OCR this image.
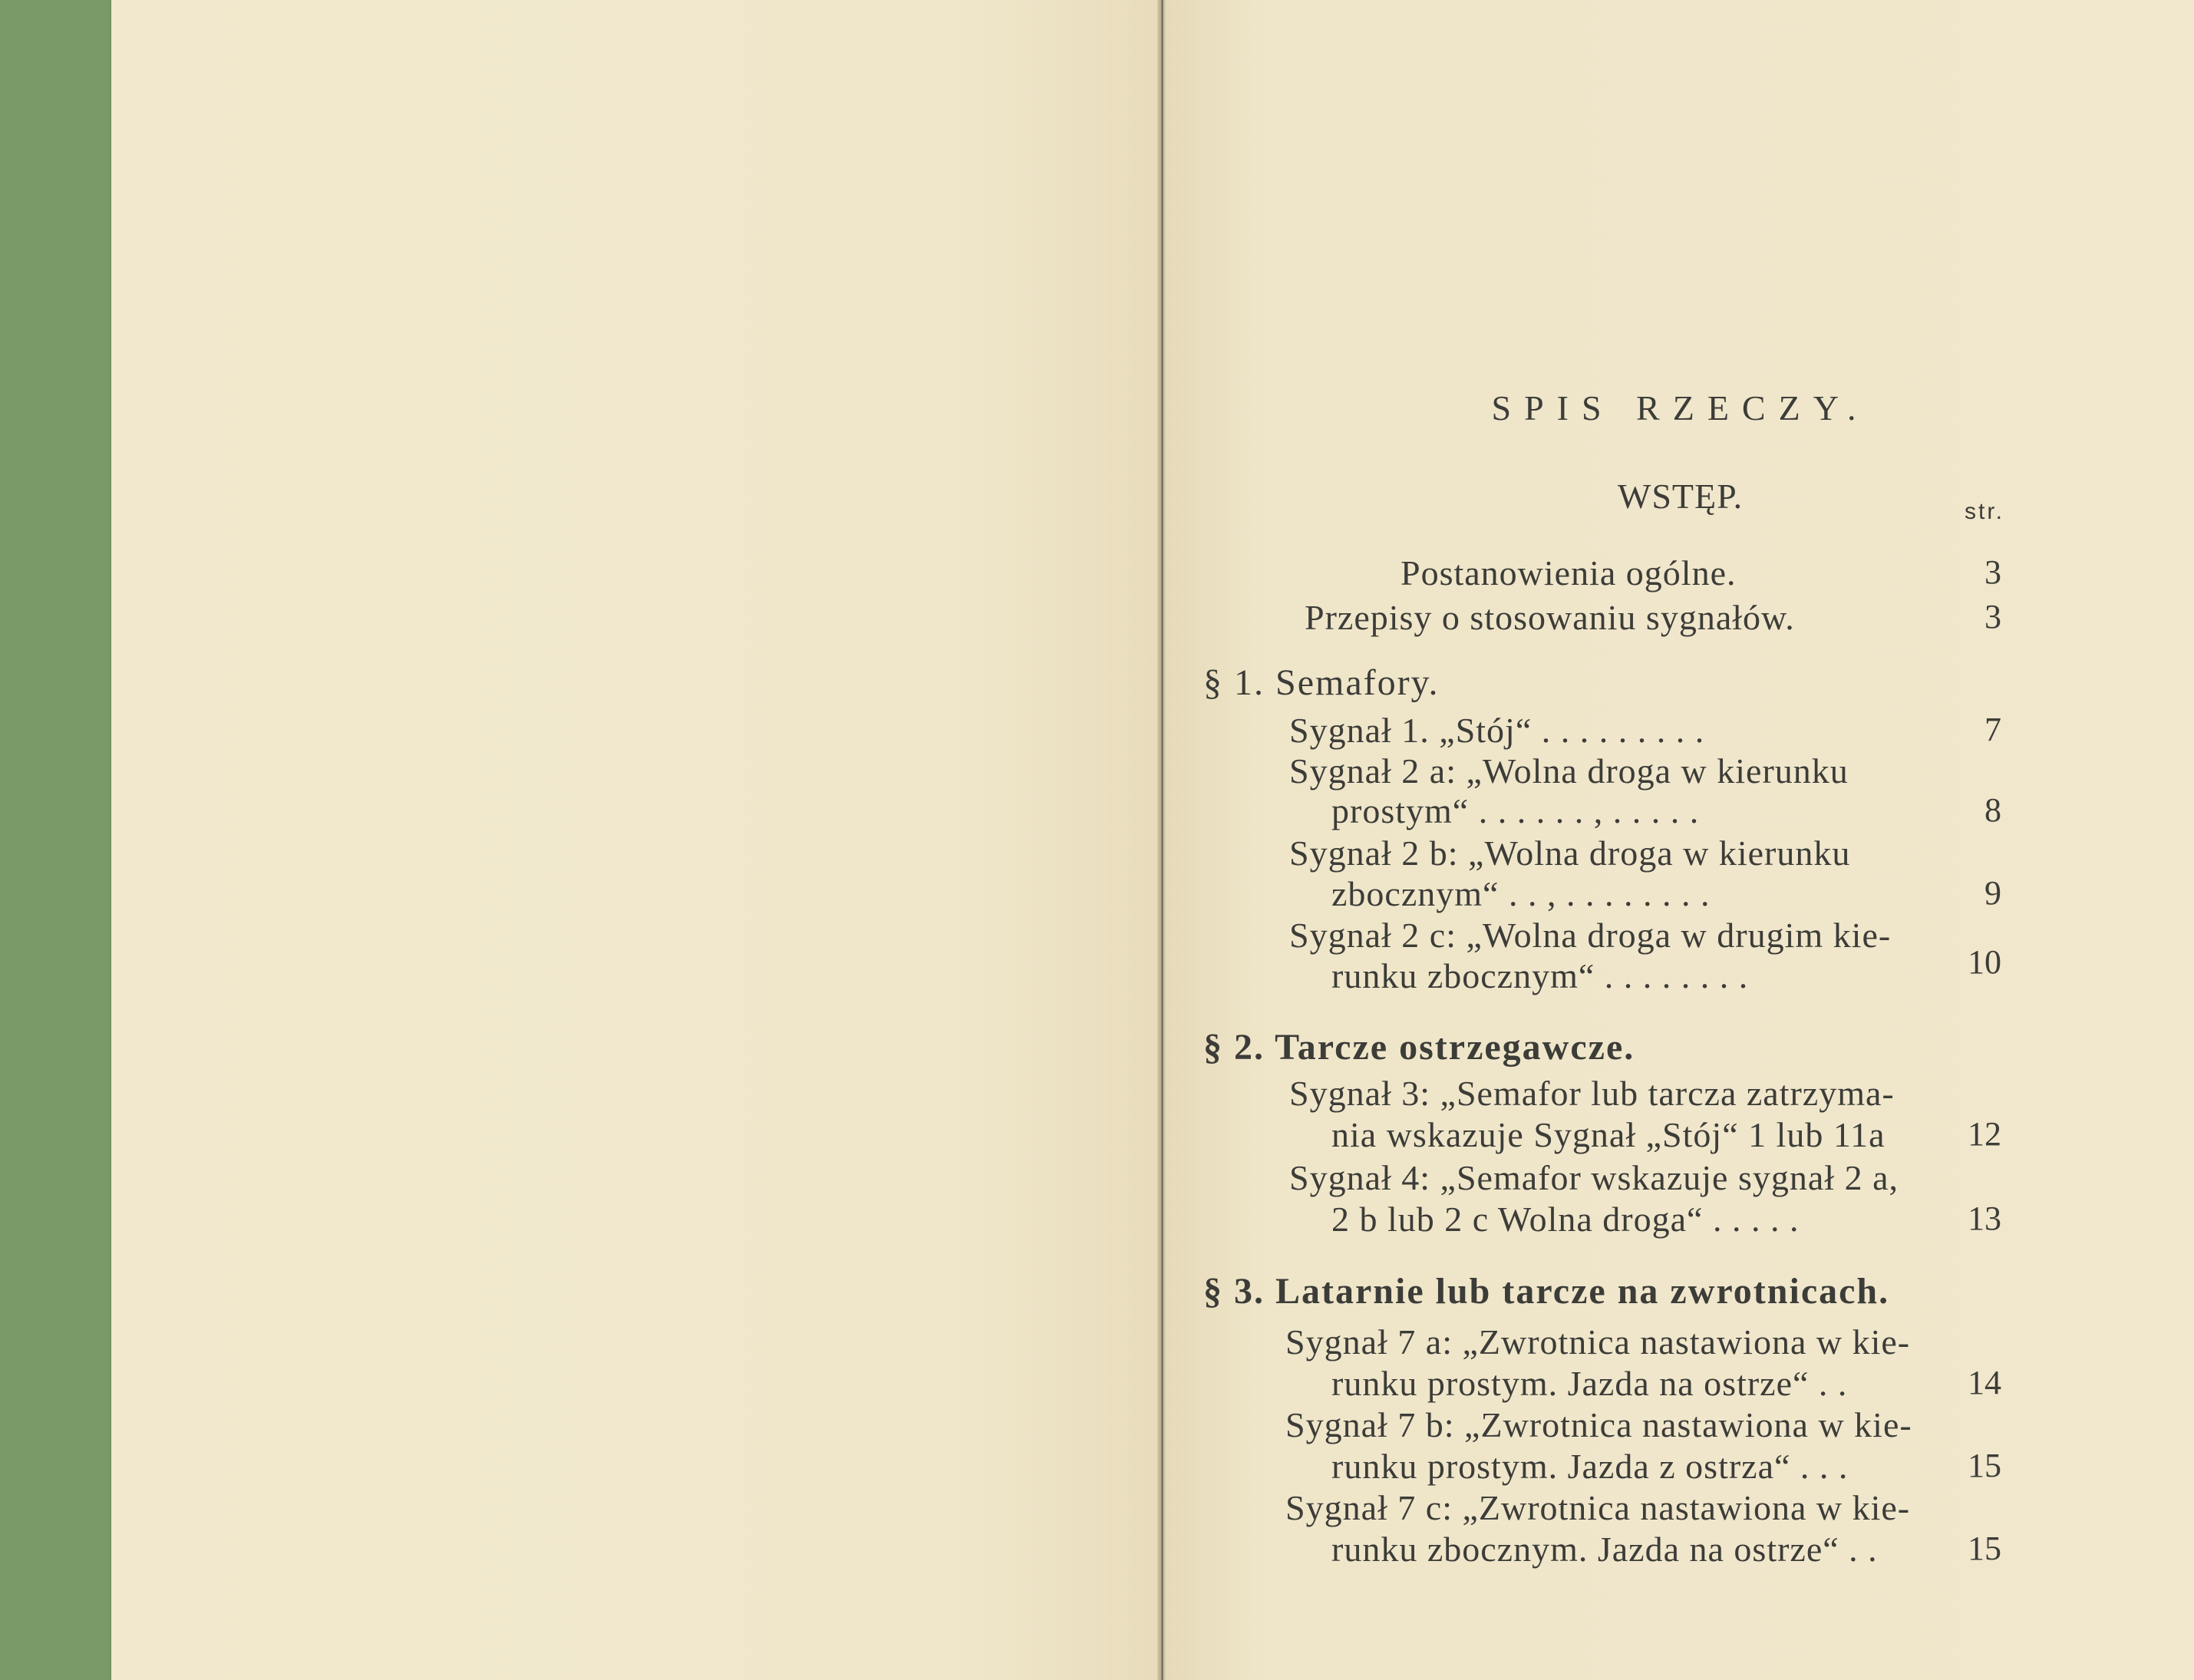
SPIS RZECZY.
WSTĘP.	str.
Postanowienia ogólne.	3
Przepisy o stosowaniu sygnałów.	3
§ 1. Semafory.
Sygnał 1. „Stój“ . . . . . . . . .	7
Sygnał 2 a: „Wolna droga w kierunku
prostym“ . . . . . . , . . . . .	8
Sygnał 2 b: „Wolna droga w kierunku
zbocznym“ . . , . . . . . . . .	9
Sygnał 2 c: „Wolna droga w drugim kie-
runku zbocznym“ . . . . . . . .	10
§ 2. Tarcze ostrzegawcze.
Sygnał 3: „Semafor lub tarcza zatrzyma-
nia wskazuje Sygnał „Stój“ 1 lub 11a	12
Sygnał 4: „Semafor wskazuje sygnał 2 a,
2 b lub 2 c Wolna droga“ . . . . .	13
§ 3. Latarnie lub tarcze na zwrotnicach.
Sygnał 7 a: „Zwrotnica nastawiona w kie-
runku prostym. Jazda na ostrze“ . .	14
Sygnał 7 b: „Zwrotnica nastawiona w kie-
runku prostym. Jazda z ostrza“ . . .	15
Sygnał 7 c: „Zwrotnica nastawiona w kie-
runku zbocznym. Jazda na ostrze“ . .	15
